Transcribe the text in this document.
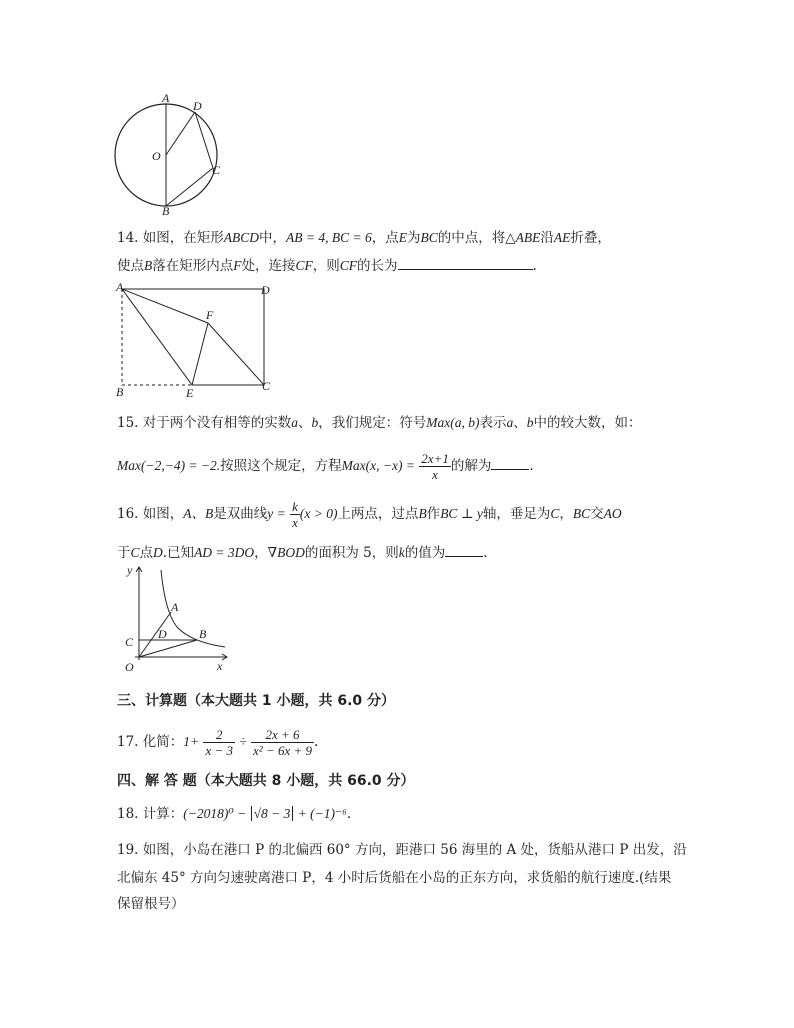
A
D
O
C
B
14. 如图，在矩形ABCD中，AB = 4, BC = 6，点E为BC的中点，将△ABE沿AE折叠，
使点B落在矩形内点F处，连接CF，则CF的长为	.
A	D
F
B	E	C
15. 对于两个没有相等的实数a、b，我们规定：符号Max(a, b)表示a、b中的较大数，如：
Max(−2,−4) = −2.按照这个规定，方程Max(x, $-x) = \frac{2x+1}{x}$ 的解为	.
16. 如图，A、B是双曲线$y = \frac{k}{x} (x > 0)$上两点，过点B作BC ⊥ y轴，垂足为C，BC交AO
于C点D.已知AD = 3DO，∇BOD的面积为 5，则k的值为	.
y
x
A
D
C
B
O
三、计算题（本大题共 1 小题，共 6.0 分）
17. 化简：$1+ \frac{2}{x - 3} \div \frac{2x + 6}{\text{x² − 6x + 9}}$ .
四、解 答 题（本大题共 8 小题，共 66.0 分）
18. 计算：(−2018)⁰ − √8 − 3 + (−1)⁻⁶.
19. 如图，小岛在港口 P 的北偏西 60° 方向，距港口 56 海里的 A 处，货船从港口 P 出发，沿
北偏东 45° 方向匀速驶离港口 P，4 小时后货船在小岛的正东方向，求货船的航行速度.(结果
保留根号）
